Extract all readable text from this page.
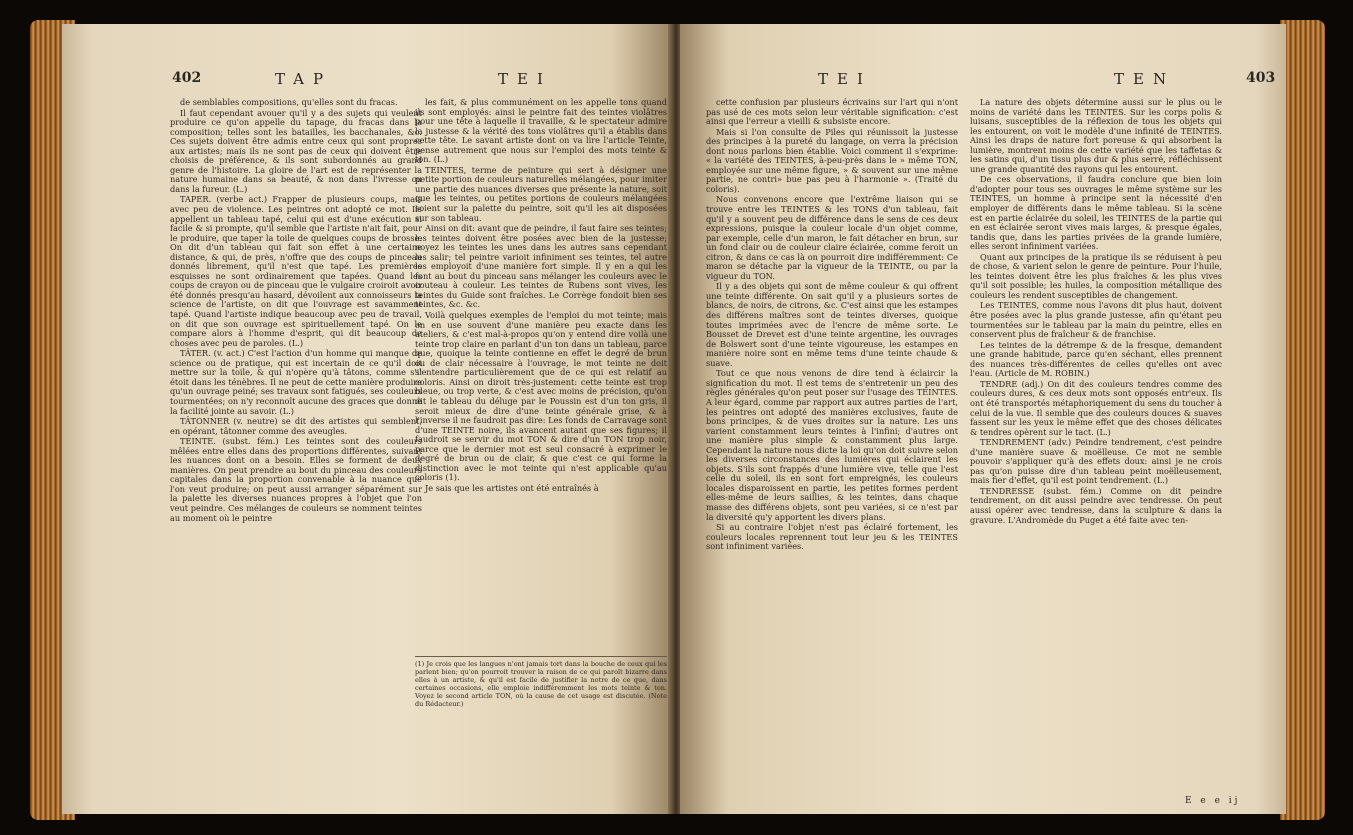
402	TAP	TEI

de semblables compositions, qu'elles sont du fracas.

Il faut cependant avouer qu'il y a des sujets qui veulent produire ce qu'on appelle du tapage, du fracas dans la composition; telles sont les batailles, les bacchanales, &c. Ces sujets doivent être admis entre ceux qui sont propres aux artistes; mais ils ne sont pas de ceux qui doivent être choisis de préférence, & ils sont subordonnés au grand genre de l'histoire. La gloire de l'art est de représenter la nature humaine dans sa beauté, & non dans l'ivresse ou dans la fureur. (L.)

TAPER. (verbe act.) Frapper de plusieurs coups, mais avec peu de violence. Les peintres ont adopté ce mot. Ils appellent un tableau tapé, celui qui est d'une exécution si facile & si prompte, qu'il semble que l'artiste n'ait fait, pour le produire, que taper la toile de quelques coups de brosse. On dit d'un tableau qui fait son effet à une certaine distance, & qui, de près, n'offre que des coups de pinceau donnés librement, qu'il n'est que tapé. Les premières esquisses ne sont ordinairement que tapées. Quand les coups de crayon ou de pinceau que le vulgaire croiroit avoir été donnés presqu'au hasard, dévoilent aux connoisseurs la science de l'artiste, on dit que l'ouvrage est savamment tapé. Quand l'artiste indique beaucoup avec peu de travail, on dit que son ouvrage est spirituellement tapé. On le compare alors à l'homme d'esprit, qui dit beaucoup de choses avec peu de paroles. (L.)

TÂTER. (v. act.) C'est l'action d'un homme qui manque de science ou de pratique, qui est incertain de ce qu'il doit mettre sur la toile, & qui n'opère qu'à tâtons, comme s'il étoit dans les ténèbres. Il ne peut de cette manière produire qu'un ouvrage peiné; ses travaux sont fatigués, ses couleurs tourmentées; on n'y reconnoît aucune des graces que donne la facilité jointe au savoir. (L.)

TÂTONNER (v. neutre) se dit des artistes qui semblent, en opérant, tâtonner comme des aveugles.

TEINTE. (subst. fém.) Les teintes sont des couleurs mêlées entre elles dans des proportions différentes, suivant les nuances dont on a besoin. Elles se forment de deux manières. On peut prendre au bout du pinceau des couleurs capitales dans la proportion convenable à la nuance que l'on veut produire; on peut aussi arranger séparément sur la palette les diverses nuances propres à l'objet que l'on veut peindre. Ces mélanges de couleurs se nomment teintes au moment où le peintre

les fait, & plus communément on les appelle tons quand ils sont employés: ainsi le peintre fait des teintes violâtres pour une tête à laquelle il travaille, & le spectateur admire la justesse & la vérité des tons violâtres qu'il a établis dans cette tête. Le savant artiste dont on va lire l'article Teinte, pense autrement que nous sur l'emploi des mots teinte & ton. (L.)

TEINTES, terme de peinture qui sert à désigner une petite portion de couleurs naturelles mélangées, pour imiter une partie des nuances diverses que présente la nature, soit que les teintes, ou petites portions de couleurs mélangées soient sur la palette du peintre, soit qu'il les ait disposées sur son tableau.

Ainsi on dit: avant que de peindre, il faut faire ses teintes; les teintes doivent être posées avec bien de la justesse; noyez les teintes les unes dans les autres sans cependant les salir; tel peintre varioit infiniment ses teintes, tel autre les employoit d'une manière fort simple. Il y en a qui les font au bout du pinceau sans mélanger les couleurs avec le couteau à couleur. Les teintes de Rubens sont vives, les teintes du Guide sont fraîches. Le Corrège fondoit bien ses teintes, &c. &c.

Voilà quelques exemples de l'emploi du mot teinte; mais on en use souvent d'une manière peu exacte dans les ateliers, & c'est mal-à-propos qu'on y entend dire voilà une teinte trop claire en parlant d'un ton dans un tableau, parce que, quoique la teinte contienne en effet le degré de brun ou de clair nécessaire à l'ouvrage, le mot teinte ne doit s'entendre particulièrement que de ce qui est relatif au coloris. Ainsi on diroit très-justement: cette teinte est trop bleue, ou trop verte, & c'est avec moins de précision, qu'on dit le tableau du déluge par le Poussin est d'un ton gris, il seroit mieux de dire d'une teinte générale grise, & à l'inverse il ne faudroit pas dire: Les fonds de Carravage sont d'une TEINTE noire, ils avancent autant que ses figures; il faudroit se servir du mot TON & dire d'un TON trop noir, parce que le dernier mot est seul consacré à exprimer le degré de brun ou de clair, & que c'est ce qui forme la distinction avec le mot teinte qui n'est applicable qu'au coloris (1).

Je sais que les artistes ont été entraînés à

(1) Je crois que les langues n'ont jamais tort dans la bouche de ceux qui les parlent bien; qu'on pourroit trouver la raison de ce qui paroît bizarre dans elles à un artiste, & qu'il est facile de justifier la notre de ce que, dans certaines occasions, elle emploie indifféremment les mots teinte & ton. Voyez le second article TON, où la cause de cet usage est discutée. (Note du Rédacteur.)
TEI	TEN	403

cette confusion par plusieurs écrivains sur l'art qui n'ont pas usé de ces mots selon leur véritable signification: c'est ainsi que l'erreur a vieilli & subsiste encore.

Mais si l'on consulte de Piles qui réunissoit la justesse des principes à la pureté du langage, on verra la précision dont nous parlons bien établie. Voici comment il s'exprime: « la variété des TEINTES, à-peu-près dans le » même TON, employée sur une même figure, » & souvent sur une même partie, ne contri» bue pas peu à l'harmonie ». (Traité du coloris).

Nous convenons encore que l'extrême liaison qui se trouve entre les TEINTES & les TONS d'un tableau, fait qu'il y a souvent peu de différence dans le sens de ces deux expressions, puisque la couleur locale d'un objet comme, par exemple, celle d'un maron, le fait détacher en brun, sur un fond clair ou de couleur claire éclairée, comme feroit un citron, & dans ce cas là on pourroit dire indifféremment: Ce maron se détache par la vigueur de la TEINTE, ou par la vigueur du TON.

Il y a des objets qui sont de même couleur & qui offrent une teinte différente. On sait qu'il y a plusieurs sortes de blancs, de noirs, de citrons, &c. C'est ainsi que les estampes des différens maîtres sont de teintes diverses, quoique toutes imprimées avec de l'encre de même sorte. Le Bousset de Drevet est d'une teinte argentine, les ouvrages de Bolswert sont d'une teinte vigoureuse, les estampes en manière noire sont en même tems d'une teinte chaude & suave.

Tout ce que nous venons de dire tend à éclaircir la signification du mot. Il est tems de s'entretenir un peu des règles générales qu'on peut poser sur l'usage des TEINTES. A leur égard, comme par rapport aux autres parties de l'art, les peintres ont adopté des manières exclusives, faute de bons principes, & de vues droites sur la nature. Les uns varient constamment leurs teintes à l'infini; d'autres ont une manière plus simple & constamment plus large. Cependant la nature nous dicte la loi qu'on doit suivre selon les diverses circonstances des lumières qui éclairent les objets. S'ils sont frappés d'une lumière vive, telle que l'est celle du soleil, ils en sont fort empreignés, les couleurs locales disparoissent en partie, les petites formes perdent elles-même de leurs saillies, & les teintes, dans chaque masse des différens objets, sont peu variées, si ce n'est par la diversité qu'y apportent les divers plans.

Si au contraire l'objet n'est pas éclairé fortement, les couleurs locales reprennent tout leur jeu & les TEINTES sont infiniment variées.

La nature des objets détermine aussi sur le plus ou le moins de variété dans les TEINTES. Sur les corps polis & luisans, susceptibles de la réflexion de tous les objets qui les entourent, on voit le modèle d'une infinité de TEINTES. Ainsi les draps de nature fort poreuse & qui absorbent la lumière, montrent moins de cette variété que les taffetas & les satins qui, d'un tissu plus dur & plus serré, réfléchissent une grande quantité des rayons qui les entourent.

De ces observations, il faudra conclure que bien loin d'adopter pour tous ses ouvrages le même système sur les TEINTES, un homme à principe sent la nécessité d'en employer de différents dans le même tableau. Si la scène est en partie éclairée du soleil, les TEINTES de la partie qui en est éclairée seront vives mais larges, & presque égales, tandis que, dans les parties privées de la grande lumière, elles seront infiniment variées.

Quant aux principes de la pratique ils se réduisent à peu de chose, & varient selon le genre de peinture. Pour l'huile, les teintes doivent être les plus fraîches & les plus vives qu'il soit possible; les huiles, la composition métallique des couleurs les rendent susceptibles de changement.

Les TEINTES, comme nous l'avons dit plus haut, doivent être posées avec la plus grande justesse, afin qu'étant peu tourmentées sur le tableau par la main du peintre, elles en conservent plus de fraîcheur & de franchise.

Les teintes de la détrempe & de la fresque, demandent une grande habitude, parce qu'en séchant, elles prennent des nuances très-différentes de celles qu'elles ont avec l'eau. (Article de M. ROBIN.)

TENDRE (adj.) On dit des couleurs tendres comme des couleurs dures, & ces deux mots sont opposés entr'eux. Ils ont été transportés métaphoriquement du sens du toucher à celui de la vue. Il semble que des couleurs douces & suaves fassent sur les yeux le même effet que des choses délicates & tendres opèrent sur le tact. (L.)

TENDREMENT (adv.) Peindre tendrement, c'est peindre d'une manière suave & moëlleuse. Ce mot ne semble pouvoir s'appliquer qu'à des effets doux: ainsi je ne crois pas qu'on puisse dire d'un tableau peint moëlleusement, mais fier d'effet, qu'il est point tendrement. (L.)

TENDRESSE (subst. fém.) Comme on dit peindre tendrement, on dit aussi peindre avec tendresse. On peut aussi opérer avec tendresse, dans la sculpture & dans la gravure. L'Andromède du Puget a été faite avec ten-

E e e ij
